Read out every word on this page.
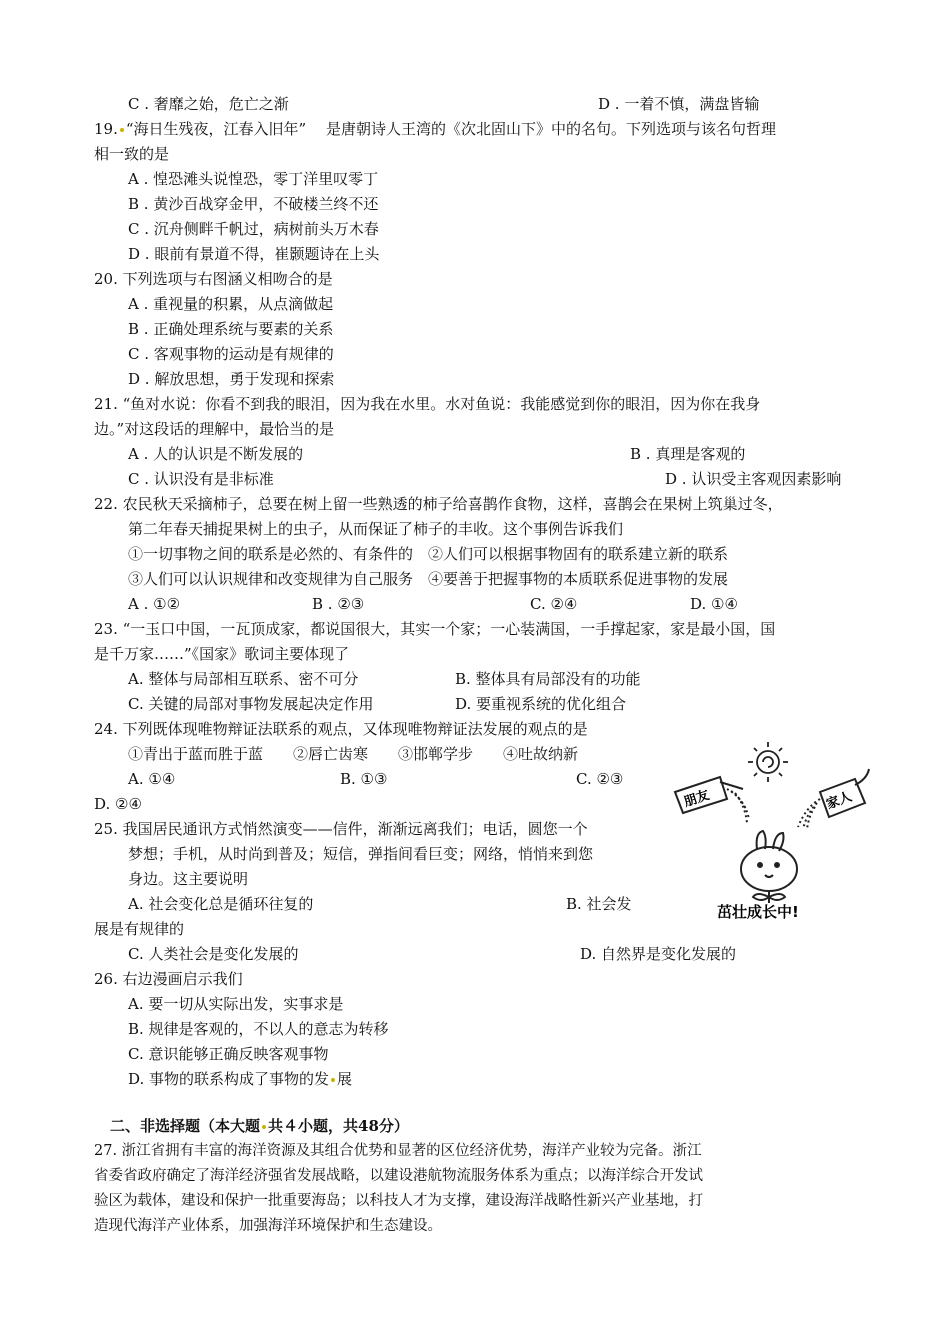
C . 奢靡之始，危亡之渐	D . 一着不慎，满盘皆输
19. “海日生残夜，江春入旧年”　 是唐朝诗人王湾的《次北固山下》中的名句。下列选项与该名句哲理
相一致的是
A . 惶恐滩头说惶恐，零丁洋里叹零丁
B . 黄沙百战穿金甲，不破楼兰终不还
C . 沉舟侧畔千帆过，病树前头万木春
D . 眼前有景道不得，崔颢题诗在上头
20. 下列选项与右图涵义相吻合的是
A . 重视量的积累，从点滴做起
B . 正确处理系统与要素的关系
C . 客观事物的运动是有规律的
D . 解放思想，勇于发现和探索
21. “鱼对水说：你看不到我的眼泪，因为我在水里。水对鱼说：我能感觉到你的眼泪，因为你在我身
边。”对这段话的理解中，最恰当的是
A . 人的认识是不断发展的	B . 真理是客观的
C . 认识没有是非标准	D . 认识受主客观因素影响
22. 农民秋天采摘柿子，总要在树上留一些熟透的柿子给喜鹊作食物，这样，喜鹊会在果树上筑巢过冬，
第二年春天捕捉果树上的虫子，从而保证了柿子的丰收。这个事例告诉我们
①一切事物之间的联系是必然的、有条件的　②人们可以根据事物固有的联系建立新的联系
③人们可以认识规律和改变规律为自己服务　④要善于把握事物的本质联系促进事物的发展
A . ①②	B . ②③	C. ②④	D. ①④
23. “一玉口中国，一瓦顶成家，都说国很大，其实一个家；一心装满国，一手撑起家，家是最小国，国
是千万家……”《国家》歌词主要体现了
A. 整体与局部相互联系、密不可分	B. 整体具有局部没有的功能
C. 关键的局部对事物发展起决定作用	D. 要重视系统的优化组合
24. 下列既体现唯物辩证法联系的观点，又体现唯物辩证法发展的观点的是
①青出于蓝而胜于蓝　　②唇亡齿寒　　③邯郸学步　　④吐故纳新
A. ①④	B. ①③	C. ②③
D. ②④
25. 我国居民通讯方式悄然演变——信件，渐渐远离我们；电话，圆您一个
梦想；手机，从时尚到普及；短信，弹指间看巨变；网络，悄悄来到您
身边。这主要说明
A. 社会变化总是循环往复的	B. 社会发
展是有规律的
C. 人类社会是变化发展的	D. 自然界是变化发展的
26. 右边漫画启示我们
A. 要一切从实际出发，实事求是
B. 规律是客观的，不以人的意志为转移
C. 意识能够正确反映客观事物
D. 事物的联系构成了事物的发 展
二、非选择题（本大题 共４小题，共48分）
27. 浙江省拥有丰富的海洋资源及其组合优势和显著的区位经济优势，海洋产业较为完备。浙江
省委省政府确定了海洋经济强省发展战略，以建设港航物流服务体系为重点；以海洋综合开发试
验区为载体，建设和保护一批重要海岛；以科技人才为支撑，建设海洋战略性新兴产业基地，打
造现代海洋产业体系，加强海洋环境保护和生态建设。
朋友	家人
茁壮成长中!
